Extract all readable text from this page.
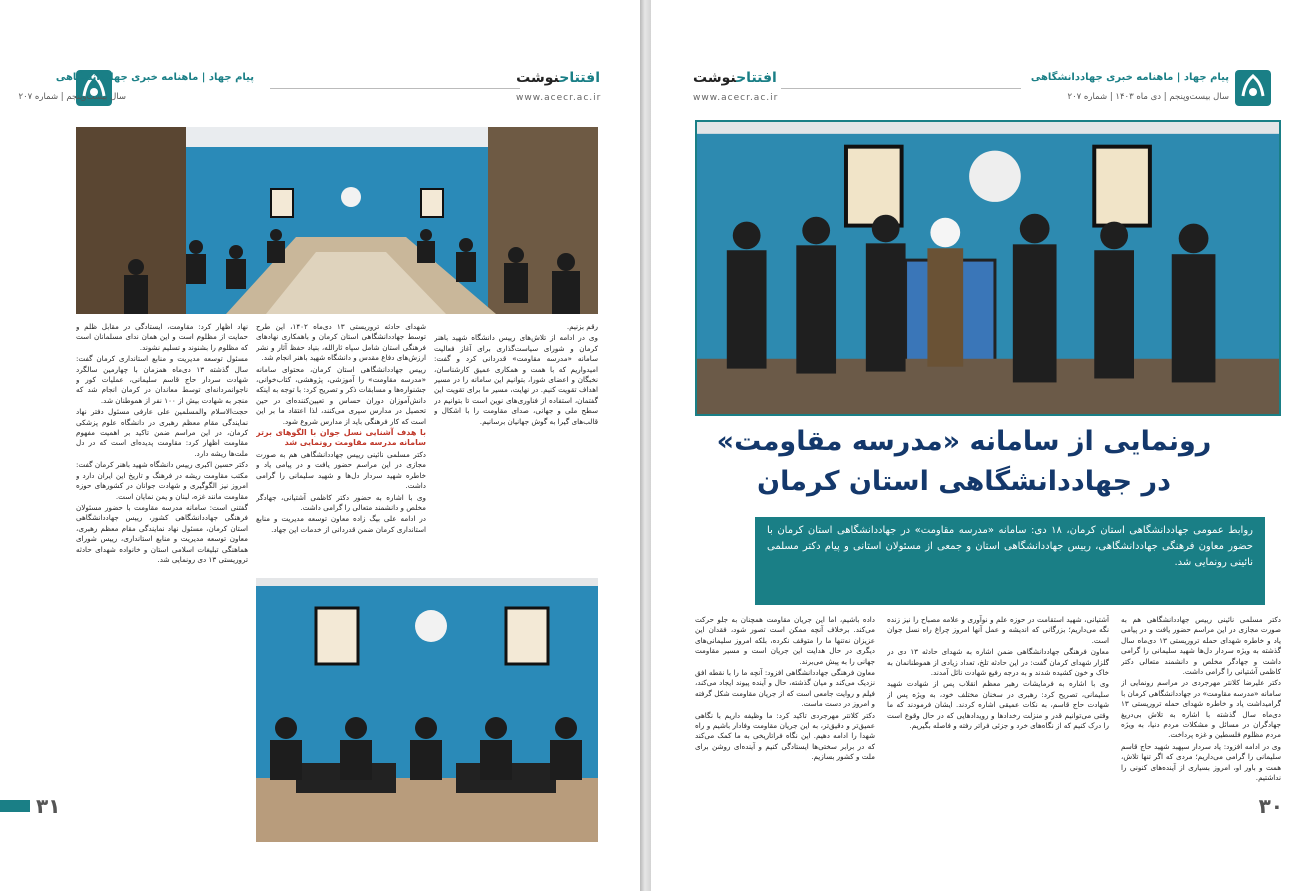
پیام جهاد | ماهنامه خبری جهاددانشگاهی
سال بیست‌وپنجم | شماره ۲۰۷
افتتاحنوشت
www.acecr.ac.ir

شهدای حادثه تروریستی ۱۳ دی‌ماه ۱۴۰۲، این طرح توسط جهاددانشگاهی استان کرمان و باهمکاری نهادهای فرهنگی استان شامل سپاه ثارالله، بنیاد حفظ آثار و نشر ارزش‌های دفاع مقدس و دانشگاه شهید باهنر انجام شد.

رییس جهاددانشگاهی استان کرمان، محتوای سامانه «مدرسه مقاومت» را آموزشی، پژوهشی، کتاب‌خوانی، جشنواره‌ها و مسابقات ذکر و تصریح کرد: با توجه به اینکه دانش‌آموزان دوران حساس و تعیین‌کننده‌ای در حین تحصیل در مدارس سپری می‌کنند، لذا اعتقاد ما بر این است که کار فرهنگی باید از مدارس شروع شود.

با هدف آشنایی نسل جوان با الگوهای برتر سامانه مدرسه مقاومت رونمایی شد

دکتر مسلمی نائینی رییس جهاددانشگاهی هم به صورت مجازی در این مراسم حضور یافت و در پیامی یاد و خاطره شهید سردار دل‌ها و شهید سلیمانی را گرامی داشت.

وی با اشاره به حضور دکتر کاظمی آشتیانی، جهادگر مخلص و دانشمند متعالی را گرامی داشت.

در ادامه علی بیگ زاده معاون توسعه مدیریت و منابع استانداری کرمان ضمن قدردانی از خدمات این جهاد.

رقم بزنیم.

وی در ادامه از تلاش‌های رییس دانشگاه شهید باهنر کرمان و شورای سیاست‌گذاری برای آغاز فعالیت سامانه «مدرسه مقاومت» قدردانی کرد و گفت: امیدواریم که با همت و همکاری عمیق کارشناسان، نخبگان و اعضای شورا، بتوانیم این سامانه را در مسیر اهداف تقویت کنیم. در نهایت، مسیر ما برای تقویت این گفتمان، استفاده از فناوری‌های نوین است تا بتوانیم در سطح ملی و جهانی، صدای مقاومت را با اشکال و قالب‌های گیرا به گوش جهانیان برسانیم.

نهاد اظهار کرد: مقاومت، ایستادگی در مقابل ظلم و حمایت از مظلوم است و این همان ندای مسلمانان است که مظلوم را بشنوند و تسلیم نشوند.

مسئول توسعه مدیریت و منابع استانداری کرمان گفت: سال گذشته ۱۳ دی‌ماه همزمان با چهارمین سالگرد شهادت سردار حاج قاسم سلیمانی، عملیات کور و ناجوانمردانه‌ای توسط معاندان در کرمان انجام شد که منجر به شهادت بیش از ۱۰۰ نفر از هموطنان شد.

حجت‌الاسلام والمسلمین علی عارفی مسئول دفتر نهاد نمایندگی مقام معظم رهبری در دانشگاه علوم پزشکی کرمان، در این مراسم ضمن تاکید بر اهمیت مفهوم مقاومت اظهار کرد: مقاومت پدیده‌ای است که در دل ملت‌ها ریشه دارد.

دکتر حسین اکبری رییس دانشگاه شهید باهنر کرمان گفت: مکتب مقاومت ریشه در فرهنگ و تاریخ این ایران دارد و امروز نیز الگوگیری و شهادت جوانان در کشورهای حوزه مقاومت مانند غزه، لبنان و یمن نمایان است.

گفتنی است: سامانه مدرسه مقاومت با حضور مسئولان فرهنگی جهاددانشگاهی کشور، رییس جهاددانشگاهی استان کرمان، مسئول نهاد نمایندگی مقام معظم رهبری، معاون توسعه مدیریت و منابع استانداری، رییس شورای هماهنگی تبلیغات اسلامی استان و خانواده شهدای حادثه تروریستی ۱۳ دی رونمایی شد.

۳۱
پیام جهاد | ماهنامه خبری جهاددانشگاهی
سال بیست‌وپنجم | دی ماه ۱۴۰۳ | شماره ۲۰۷
افتتاحنوشت
www.acecr.ac.ir
رونمایی از سامانه «مدرسه مقاومت»
در جهاددانشگاهی استان کرمان
روابط عمومی جهاددانشگاهی استان کرمان، ۱۸ دی: سامانه «مدرسه مقاومت» در جهاددانشگاهی استان کرمان با حضور معاون فرهنگی جهاددانشگاهی، رییس جهاددانشگاهی استان و جمعی از مسئولان استانی و پیام دکتر مسلمی نائینی رونمایی شد.

دکتر مسلمی نائینی رییس جهاددانشگاهی هم به صورت مجازی در این مراسم حضور یافت و در پیامی یاد و خاطره شهدای حمله تروریستی ۱۳ دی‌ماه سال گذشته به ویژه سردار دل‌ها شهید سلیمانی را گرامی داشت و جهادگر مخلص و دانشمند متعالی دکتر کاظمی آشتیانی را گرامی داشت.

دکتر علیرضا کلانتر مهرجردی در مراسم رونمایی از سامانه «مدرسه مقاومت» در جهاددانشگاهی کرمان با گرامیداشت یاد و خاطره شهدای حمله تروریستی ۱۳ دی‌ماه سال گذشته با اشاره به تلاش بی‌دریغ جهادگران در مسائل و مشکلات مردم دنیا، به ویژه مردم مظلوم فلسطین و غزه پرداخت.

وی در ادامه افزود: یاد سردار سپهبد شهید حاج قاسم سلیمانی را گرامی می‌داریم؛ مردی که اگر تنها تلاش، همت و باور او، امروز بسیاری از آینده‌های کنونی را نداشتیم.

آشتیانی، شهید استقامت در حوزه علم و نوآوری و علامه مصباح را نیز زنده نگه می‌داریم؛ بزرگانی که اندیشه و عمل آنها امروز چراغ راه نسل جوان است.

معاون فرهنگی جهاددانشگاهی ضمن اشاره به شهدای حادثه ۱۳ دی در گلزار شهدای کرمان گفت: در این حادثه تلخ، تعداد زیادی از هموطنانمان به خاک و خون کشیده شدند و به درجه رفیع شهادت نائل آمدند.

وی با اشاره به فرمایشات رهبر معظم انقلاب پس از شهادت شهید سلیمانی، تصریح کرد: رهبری در سخنان مختلف خود، به ویژه پس از شهادت حاج قاسم، به نکات عمیقی اشاره کردند. ایشان فرمودند که ما وقتی می‌توانیم قدر و منزلت رخدادها و رویدادهایی که در حال وقوع است را درک کنیم که از نگاه‌های خرد و جزئی فراتر رفته و فاصله بگیریم.

داده باشیم، اما این جریان مقاومت همچنان به جلو حرکت می‌کند. برخلاف آنچه ممکن است تصور شود، فقدان این عزیزان نه‌تنها ما را متوقف نکرده، بلکه امروز سلیمانی‌های دیگری در حال هدایت این جریان است و مسیر مقاومت جهانی را به پیش می‌برند.

معاون فرهنگی جهاددانشگاهی افزود: آنچه ما را با نقطه افق نزدیک می‌کند و میان گذشته، حال و آینده پیوند ایجاد می‌کند، فیلم و روایت جامعی است که از جریان مقاومت شکل گرفته و امروز در دست ماست.

دکتر کلانتر مهرجردی تاکید کرد: ما وظیفه داریم با نگاهی عمیق‌تر و دقیق‌تر، به این جریان مقاومت وفادار باشیم و راه شهدا را ادامه دهیم. این نگاه فراتاریخی به ما کمک می‌کند که در برابر سختی‌ها ایستادگی کنیم و آینده‌ای روشن برای ملت و کشور بسازیم.

۳۰
